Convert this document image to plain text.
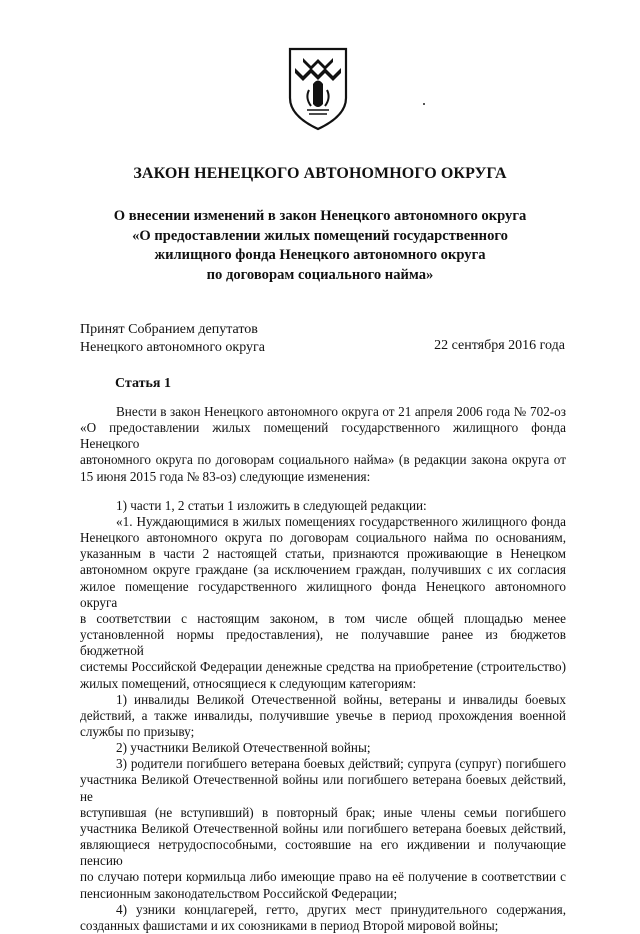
ЗАКОН НЕНЕЦКОГО АВТОНОМНОГО ОКРУГА
О внесении изменений в закон Ненецкого автономного округа
«О предоставлении жилых помещений государственного
жилищного фонда Ненецкого автономного округа
по договорам социального найма»
Принят Собранием депутатов
Ненецкого автономного округа	22 сентября 2016 года
Статья 1
Внести в закон Ненецкого автономного округа от 21 апреля 2006 года № 702-оз
«О предоставлении жилых помещений государственного жилищного фонда Ненецкого
автономного округа по договорам социального найма» (в редакции закона округа от
15 июня 2015 года № 83-оз) следующие изменения:
1) части 1, 2 статьи 1 изложить в следующей редакции:
«1. Нуждающимися в жилых помещениях государственного жилищного фонда
Ненецкого автономного округа по договорам социального найма по основаниям,
указанным в части 2 настоящей статьи, признаются проживающие в Ненецком
автономном округе граждане (за исключением граждан, получивших с их согласия
жилое помещение государственного жилищного фонда Ненецкого автономного округа
в соответствии с настоящим законом, в том числе общей площадью менее
установленной нормы предоставления), не получавшие ранее из бюджетов бюджетной
системы Российской Федерации денежные средства на приобретение (строительство)
жилых помещений, относящиеся к следующим категориям:
1) инвалиды Великой Отечественной войны, ветераны и инвалиды боевых
действий, а также инвалиды, получившие увечье в период прохождения военной
службы по призыву;
2) участники Великой Отечественной войны;
3) родители погибшего ветерана боевых действий; супруга (супруг) погибшего
участника Великой Отечественной войны или погибшего ветерана боевых действий, не
вступившая (не вступивший) в повторный брак; иные члены семьи погибшего
участника Великой Отечественной войны или погибшего ветерана боевых действий,
являющиеся нетрудоспособными, состоявшие на его иждивении и получающие пенсию
по случаю потери кормильца либо имеющие право на её получение в соответствии с
пенсионным законодательством Российской Федерации;
4) узники концлагерей, гетто, других мест принудительного содержания,
созданных фашистами и их союзниками в период Второй мировой войны;
